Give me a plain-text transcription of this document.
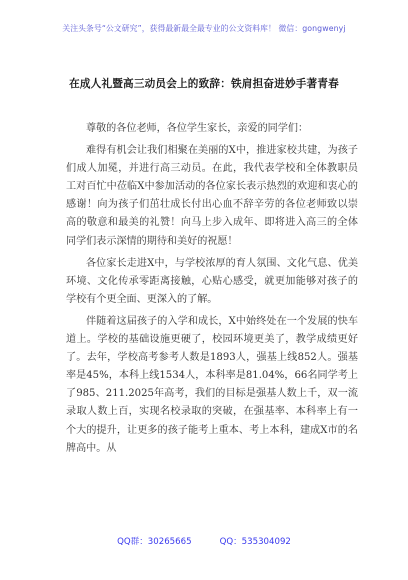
关注头条号“公文研究”，获得最新最全最专业的公文资料库！ 微信：gongwenyj
在成人礼暨高三动员会上的致辞：铁肩担奋进妙手著青春

尊敬的各位老师，各位学生家长，亲爱的同学们：

难得有机会让我们相聚在美丽的X中，推进家校共建，为孩子们成人加冕，并进行高三动员。在此，我代表学校和全体教职员工对百忙中莅临X中参加活动的各位家长表示热烈的欢迎和衷心的感谢！向为孩子们茁壮成长付出心血不辞辛劳的各位老师致以崇高的敬意和最美的礼赞！向马上步入成年、即将进入高三的全体同学们表示深情的期待和美好的祝愿！

各位家长走进X中，与学校浓厚的育人氛围、文化气息、优美环境、文化传承零距离接触，心贴心感受，就更加能够对孩子的学校有个更全面、更深入的了解。

伴随着这届孩子的入学和成长，X中始终处在一个发展的快车道上。学校的基础设施更硬了，校园环境更美了，教学成绩更好了。去年，学校高考参考人数是1893人，强基上线852人。强基率是45%，本科上线1534人，本科率是81.04%，66名同学考上了985、211.2025年高考，我们的目标是强基人数上千，双一流录取人数上百，实现名校录取的突破，在强基率、本科率上有一个大的提升，让更多的孩子能考上重本、考上本科，建成X市的名牌高中。从

QQ群：30265665	QQ：535304092
